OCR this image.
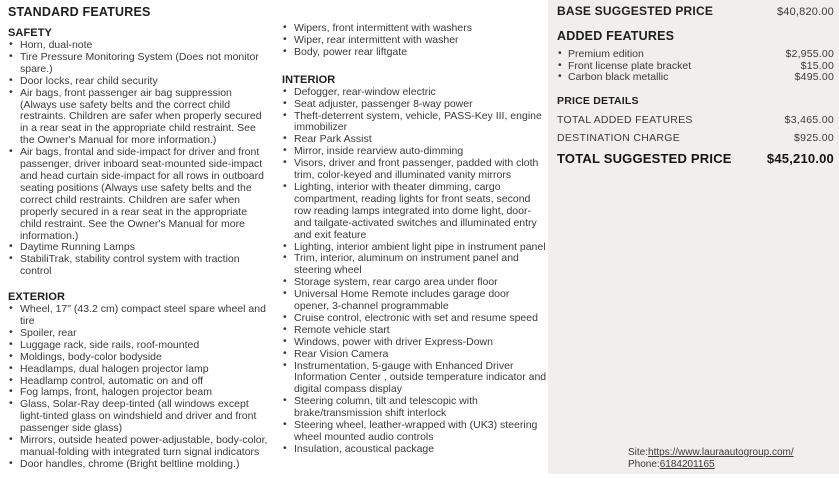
STANDARD FEATURES
SAFETY
• Horn, dual-note
• Tire Pressure Monitoring System (Does not monitor spare.)
• Door locks, rear child security
• Air bags, front passenger air bag suppression (Always use safety belts and the correct child restraints. Children are safer when properly secured in a rear seat in the appropriate child restraint. See the Owner's Manual for more information.)
• Air bags, frontal and side-impact for driver and front passenger, driver inboard seat-mounted side-impact and head curtain side-impact for all rows in outboard seating positions (Always use safety belts and the correct child restraints. Children are safer when properly secured in a rear seat in the appropriate child restraint. See the Owner's Manual for more information.)
• Daytime Running Lamps
• StabiliTrak, stability control system with traction control
EXTERIOR
• Wheel, 17" (43.2 cm) compact steel spare wheel and tire
• Spoiler, rear
• Luggage rack, side rails, roof-mounted
• Moldings, body-color bodyside
• Headlamps, dual halogen projector lamp
• Headlamp control, automatic on and off
• Fog lamps, front, halogen projector beam
• Glass, Solar-Ray deep-tinted (all windows except light-tinted glass on windshield and driver and front passenger side glass)
• Mirrors, outside heated power-adjustable, body-color, manual-folding with integrated turn signal indicators
• Door handles, chrome (Bright beltline molding.)
• Wipers, front intermittent with washers
• Wiper, rear intermittent with washer
• Body, power rear liftgate
INTERIOR
• Defogger, rear-window electric
• Seat adjuster, passenger 8-way power
• Theft-deterrent system, vehicle, PASS-Key III, engine immobilizer
• Rear Park Assist
• Mirror, inside rearview auto-dimming
• Visors, driver and front passenger, padded with cloth trim, color-keyed and illuminated vanity mirrors
• Lighting, interior with theater dimming, cargo compartment, reading lights for front seats, second row reading lamps integrated into dome light, door- and tailgate-activated switches and illuminated entry and exit feature
• Lighting, interior ambient light pipe in instrument panel
• Trim, interior, aluminum on instrument panel and steering wheel
• Storage system, rear cargo area under floor
• Universal Home Remote includes garage door opener, 3-channel programmable
• Cruise control, electronic with set and resume speed
• Remote vehicle start
• Windows, power with driver Express-Down
• Rear Vision Camera
• Instrumentation, 5-gauge with Enhanced Driver Information Center , outside temperature indicator and digital compass display
• Steering column, tilt and telescopic with brake/transmission shift interlock
• Steering wheel, leather-wrapped with (UK3) steering wheel mounted audio controls
• Insulation, acoustical package
BASE SUGGESTED PRICE	$40,820.00
ADDED FEATURES
• Premium edition	$2,955.00
• Front license plate bracket	$15.00
• Carbon black metallic	$495.00
PRICE DETAILS
TOTAL ADDED FEATURES	$3,465.00
DESTINATION CHARGE	$925.00
TOTAL SUGGESTED PRICE	$45,210.00
Site:https://www.lauraautogroup.com/
Phone:6184201165
